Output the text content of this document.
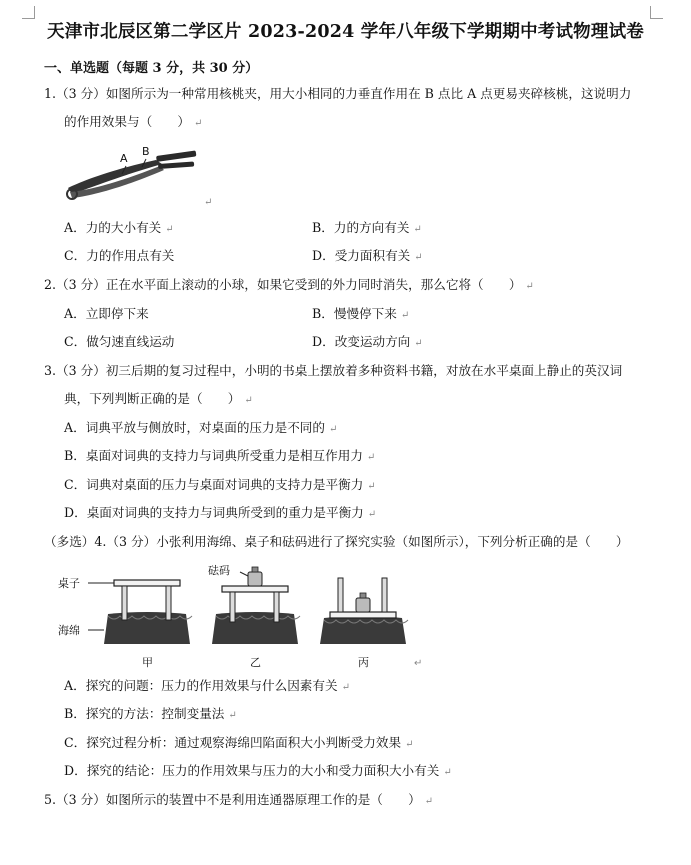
天津市北辰区第二学区片 2023-2024 学年八年级下学期期中考试物理试卷
一、单选题（每题 3 分，共 30 分）
1.（3 分）如图所示为一种常用核桃夹，用大小相同的力垂直作用在 B 点比 A 点更易夹碎核桃，这说明力
的作用效果与（　　） ↵
A
B
↵
A．力的大小有关 ↵	B．力的方向有关 ↵
C．力的作用点有关	D．受力面积有关 ↵
2.（3 分）正在水平面上滚动的小球，如果它受到的外力同时消失，那么它将（　　） ↵
A．立即停下来	B．慢慢停下来 ↵
C．做匀速直线运动	D．改变运动方向 ↵
3.（3 分）初三后期的复习过程中，小明的书桌上摆放着多种资料书籍，对放在水平桌面上静止的英汉词
典，下列判断正确的是（　　） ↵
A．词典平放与侧放时，对桌面的压力是不同的 ↵
B．桌面对词典的支持力与词典所受重力是相互作用力 ↵
C．词典对桌面的压力与桌面对词典的支持力是平衡力 ↵
D．桌面对词典的支持力与词典所受到的重力是平衡力 ↵
（多选）4.（3 分）小张利用海绵、桌子和砝码进行了探究实验（如图所示），下列分析正确的是（　　）
桌子
海绵
甲
砝码
乙	丙	↵
A．探究的问题：压力的作用效果与什么因素有关 ↵
B．探究的方法：控制变量法 ↵
C．探究过程分析：通过观察海绵凹陷面积大小判断受力效果 ↵
D．探究的结论：压力的作用效果与压力的大小和受力面积大小有关 ↵
5.（3 分）如图所示的装置中不是利用连通器原理工作的是（　　） ↵
